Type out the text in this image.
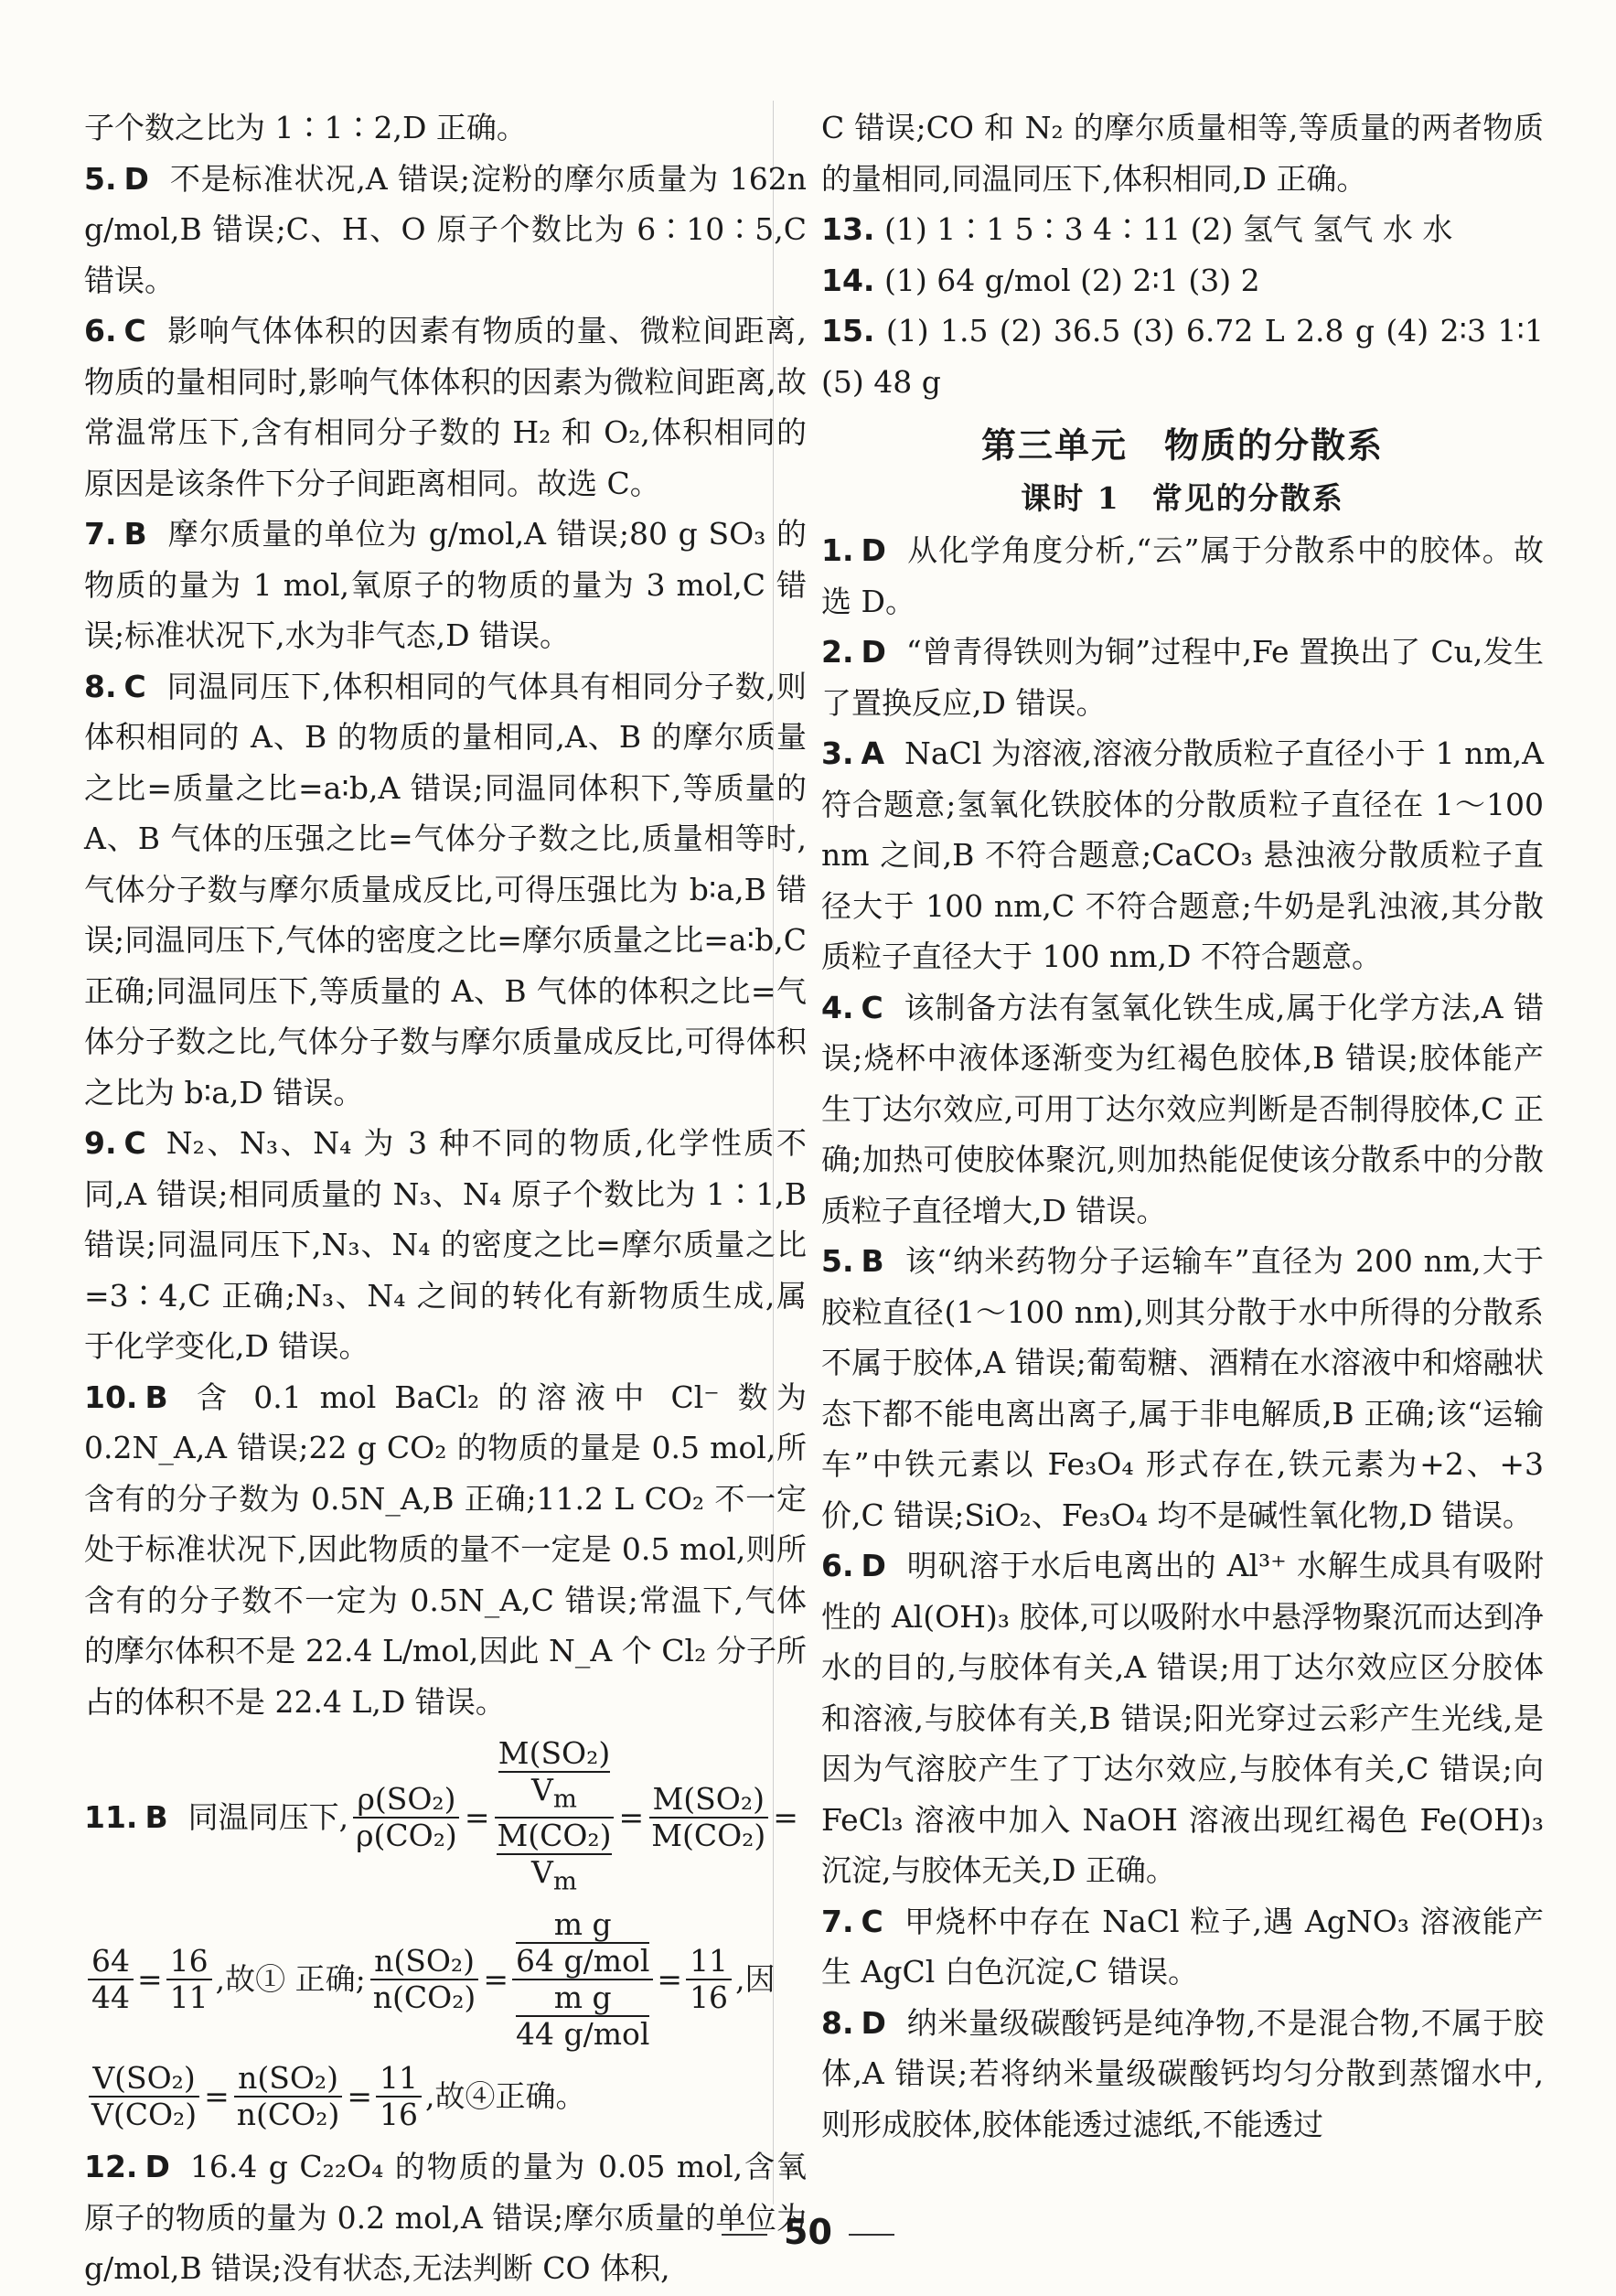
子个数之比为 1∶1∶2,D 正确。

5. D 不是标准状况,A 错误;淀粉的摩尔质量为 162n g/mol,B 错误;C、H、O 原子个数比为 6∶10∶5,C 错误。

6. C 影响气体体积的因素有物质的量、微粒间距离,物质的量相同时,影响气体体积的因素为微粒间距离,故常温常压下,含有相同分子数的 H₂ 和 O₂,体积相同的原因是该条件下分子间距离相同。故选 C。

7. B 摩尔质量的单位为 g/mol,A 错误;80 g SO₃ 的物质的量为 1 mol,氧原子的物质的量为 3 mol,C 错误;标准状况下,水为非气态,D 错误。

8. C 同温同压下,体积相同的气体具有相同分子数,则体积相同的 A、B 的物质的量相同,A、B 的摩尔质量之比=质量之比=a∶b,A 错误;同温同体积下,等质量的 A、B 气体的压强之比=气体分子数之比,质量相等时,气体分子数与摩尔质量成反比,可得压强比为 b∶a,B 错误;同温同压下,气体的密度之比=摩尔质量之比=a∶b,C 正确;同温同压下,等质量的 A、B 气体的体积之比=气体分子数之比,气体分子数与摩尔质量成反比,可得体积之比为 b∶a,D 错误。

9. C N₂、N₃、N₄ 为 3 种不同的物质,化学性质不同,A 错误;相同质量的 N₃、N₄ 原子个数比为 1∶1,B 错误;同温同压下,N₃、N₄ 的密度之比=摩尔质量之比=3∶4,C 正确;N₃、N₄ 之间的转化有新物质生成,属于化学变化,D 错误。

10. B 含 0.1 mol BaCl₂ 的溶液中 Cl⁻ 数为 0.2N_A,A 错误;22 g CO₂ 的物质的量是 0.5 mol,所含有的分子数为 0.5N_A,B 正确;11.2 L CO₂ 不一定处于标准状况下,因此物质的量不一定是 0.5 mol,则所含有的分子数不一定为 0.5N_A,C 错误;常温下,气体的摩尔体积不是 22.4 L/mol,因此 N_A 个 Cl₂ 分子所占的体积不是 22.4 L,D 错误。

11. B 同温同压下, $\frac{\text{ρ(SO₂)}}{\text{ρ(CO₂)}} = \frac{\frac{\text{M(SO₂)}}{V_m}}{\frac{\text{M(CO₂)}}{V_m}} = \frac{\text{M(SO₂)}}{\text{M(CO₂)}}$ =
$\frac{64}{44} = \frac{16}{11}$ ,故① 正确; $\frac{\text{n(SO₂)}}{\text{n(CO₂)}} = m$ g
64 g/mol
m g
44 $g/mol = \frac{11}{16}$ ,因
$\frac{\text{V(SO₂)}}{\text{V(CO₂)}} = \frac{\text{n(SO₂)}}{\text{n(CO₂)}} = \frac{11}{16}$ ,故④正确。

12. D 16.4 g C₂₂O₄ 的物质的量为 0.05 mol,含氧原子的物质的量为 0.2 mol,A 错误;摩尔质量的单位为 g/mol,B 错误;没有状态,无法判断 CO 体积,

C 错误;CO 和 N₂ 的摩尔质量相等,等质量的两者物质的量相同,同温同压下,体积相同,D 正确。

13. (1) 1∶1 5∶3 4∶11 (2) 氢气 氢气 水 水

14. (1) 64 g/mol (2) 2∶1 (3) 2

15. (1) 1.5 (2) 36.5 (3) 6.72 L 2.8 g (4) 2∶3 1∶1 (5) 48 g

第三单元　物质的分散系
课时 1　常见的分散系

1. D 从化学角度分析,“云”属于分散系中的胶体。故选 D。

2. D “曾青得铁则为铜”过程中,Fe 置换出了 Cu,发生了置换反应,D 错误。

3. A NaCl 为溶液,溶液分散质粒子直径小于 1 nm,A 符合题意;氢氧化铁胶体的分散质粒子直径在 1～100 nm 之间,B 不符合题意;CaCO₃ 悬浊液分散质粒子直径大于 100 nm,C 不符合题意;牛奶是乳浊液,其分散质粒子直径大于 100 nm,D 不符合题意。

4. C 该制备方法有氢氧化铁生成,属于化学方法,A 错误;烧杯中液体逐渐变为红褐色胶体,B 错误;胶体能产生丁达尔效应,可用丁达尔效应判断是否制得胶体,C 正确;加热可使胶体聚沉,则加热能促使该分散系中的分散质粒子直径增大,D 错误。

5. B 该“纳米药物分子运输车”直径为 200 nm,大于胶粒直径(1～100 nm),则其分散于水中所得的分散系不属于胶体,A 错误;葡萄糖、酒精在水溶液中和熔融状态下都不能电离出离子,属于非电解质,B 正确;该“运输车”中铁元素以 Fe₃O₄ 形式存在,铁元素为+2、+3 价,C 错误;SiO₂、Fe₃O₄ 均不是碱性氧化物,D 错误。

6. D 明矾溶于水后电离出的 Al³⁺ 水解生成具有吸附性的 Al(OH)₃ 胶体,可以吸附水中悬浮物聚沉而达到净水的目的,与胶体有关,A 错误;用丁达尔效应区分胶体和溶液,与胶体有关,B 错误;阳光穿过云彩产生光线,是因为气溶胶产生了丁达尔效应,与胶体有关,C 错误;向 FeCl₃ 溶液中加入 NaOH 溶液出现红褐色 Fe(OH)₃ 沉淀,与胶体无关,D 正确。

7. C 甲烧杯中存在 NaCl 粒子,遇 AgNO₃ 溶液能产生 AgCl 白色沉淀,C 错误。

8. D 纳米量级碳酸钙是纯净物,不是混合物,不属于胶体,A 错误;若将纳米量级碳酸钙均匀分散到蒸馏水中,则形成胶体,胶体能透过滤纸,不能透过

50
